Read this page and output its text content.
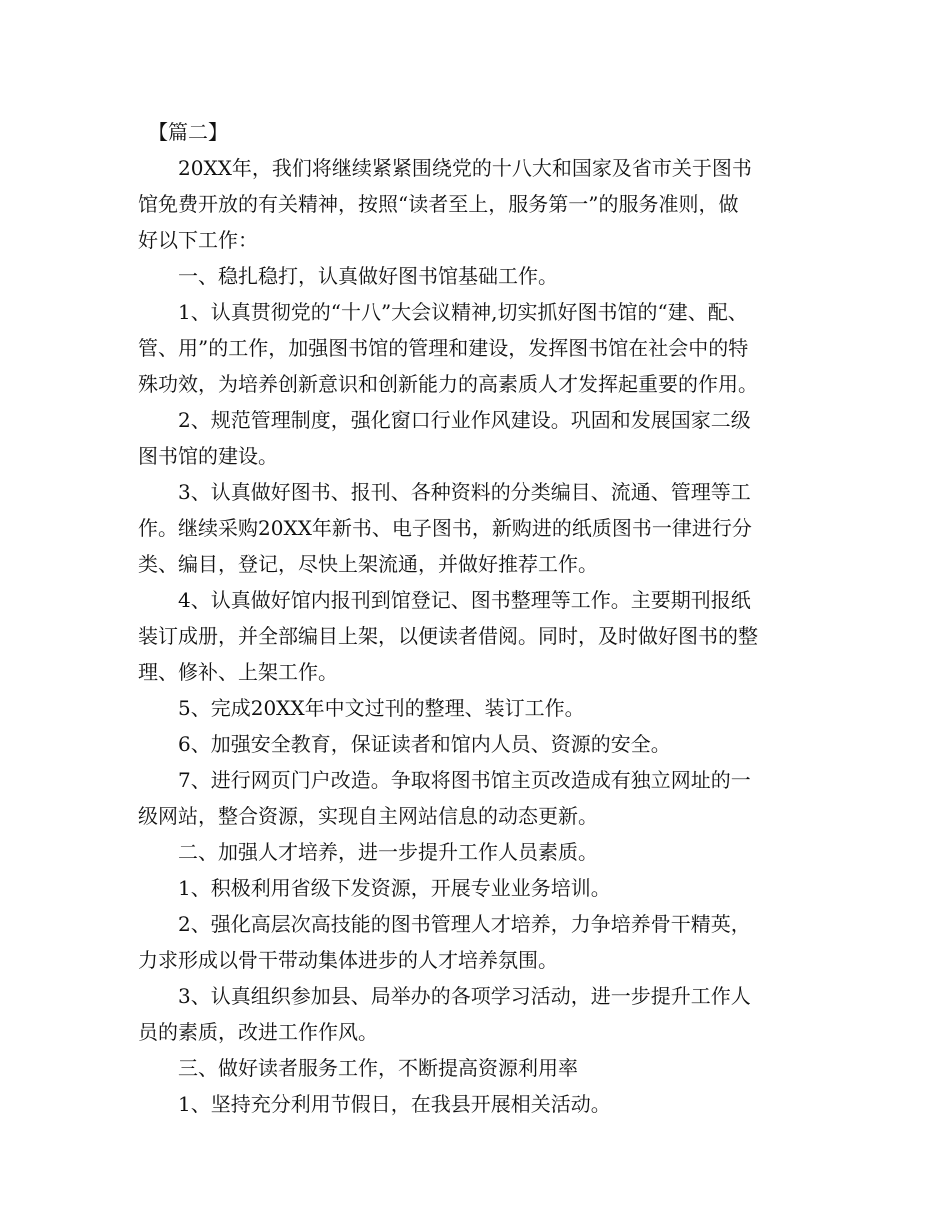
　【篇二】

　　20XX年，我们将继续紧紧围绕党的十八大和国家及省市关于图书

馆免费开放的有关精神，按照“读者至上，服务第一”的服务准则，做

好以下工作：

　　一、稳扎稳打，认真做好图书馆基础工作。

　　1、认真贯彻党的“十八”大会议精神,切实抓好图书馆的“建、配、

管、用”的工作，加强图书馆的管理和建设，发挥图书馆在社会中的特

殊功效，为培养创新意识和创新能力的高素质人才发挥起重要的作用。

　　2、规范管理制度，强化窗口行业作风建设。巩固和发展国家二级

图书馆的建设。

　　3、认真做好图书、报刊、各种资料的分类编目、流通、管理等工

作。继续采购20XX年新书、电子图书，新购进的纸质图书一律进行分

类、编目，登记，尽快上架流通，并做好推荐工作。

　　4、认真做好馆内报刊到馆登记、图书整理等工作。主要期刊报纸

装订成册，并全部编目上架，以便读者借阅。同时，及时做好图书的整

理、修补、上架工作。

　　5、完成20XX年中文过刊的整理、装订工作。

　　6、加强安全教育，保证读者和馆内人员、资源的安全。

　　7、进行网页门户改造。争取将图书馆主页改造成有独立网址的一

级网站，整合资源，实现自主网站信息的动态更新。

　　二、加强人才培养，进一步提升工作人员素质。

　　1、积极利用省级下发资源，开展专业业务培训。

　　2、强化高层次高技能的图书管理人才培养，力争培养骨干精英，

力求形成以骨干带动集体进步的人才培养氛围。

　　3、认真组织参加县、局举办的各项学习活动，进一步提升工作人

员的素质，改进工作作风。

　　三、做好读者服务工作，不断提高资源利用率

　　1、坚持充分利用节假日，在我县开展相关活动。
